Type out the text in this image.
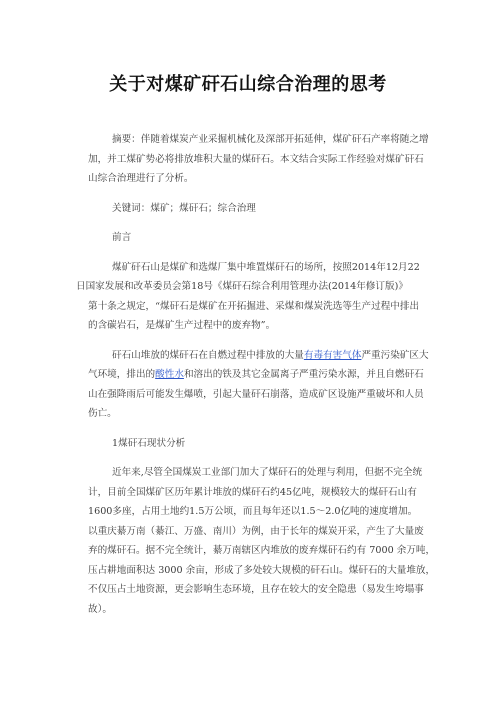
关于对煤矿矸石山综合治理的思考

摘要：伴随着煤炭产业采掘机械化及深部开拓延伸，煤矿矸石产率将随之增
加，并工煤矿势必将排放堆积大量的煤矸石。本文结合实际工作经验对煤矿矸石
山综合治理进行了分析。

关键词：煤矿；煤矸石；综合治理

前言

煤矿矸石山是煤矿和选煤厂集中堆置煤矸石的场所，按照2014年12月22
日国家发展和改革委员会第18号《煤矸石综合利用管理办法(2014年修订版)》
第十条之规定，“煤矸石是煤矿在开拓掘进、采煤和煤炭洗选等生产过程中排出
的含碳岩石，是煤矿生产过程中的废弃物”。

矸石山堆放的煤矸石在自燃过程中排放的大量有毒有害气体严重污染矿区大
气环境，排出的酸性水和溶出的铁及其它金属离子严重污染水源，并且自燃矸石
山在强降雨后可能发生爆喷，引起大量矸石崩落，造成矿区设施严重破坏和人员
伤亡。

1煤矸石现状分析

近年来,尽管全国煤炭工业部门加大了煤矸石的处理与利用，但据不完全统
计，目前全国煤矿区历年累计堆放的煤矸石约45亿吨，规模较大的煤矸石山有
1600多座，占用土地约1.5万公顷，而且每年还以1.5～2.0亿吨的速度增加。
以重庆綦万南（綦江、万盛、南川）为例，由于长年的煤炭开采，产生了大量废
弃的煤矸石。据不完全统计，綦万南辖区内堆放的废弃煤矸石约有 7000 余万吨，
压占耕地面积达 3000 余亩，形成了多处较大规模的矸石山。煤矸石的大量堆放，
不仅压占土地资源，更会影响生态环境，且存在较大的安全隐患（易发生垮塌事
故）。
